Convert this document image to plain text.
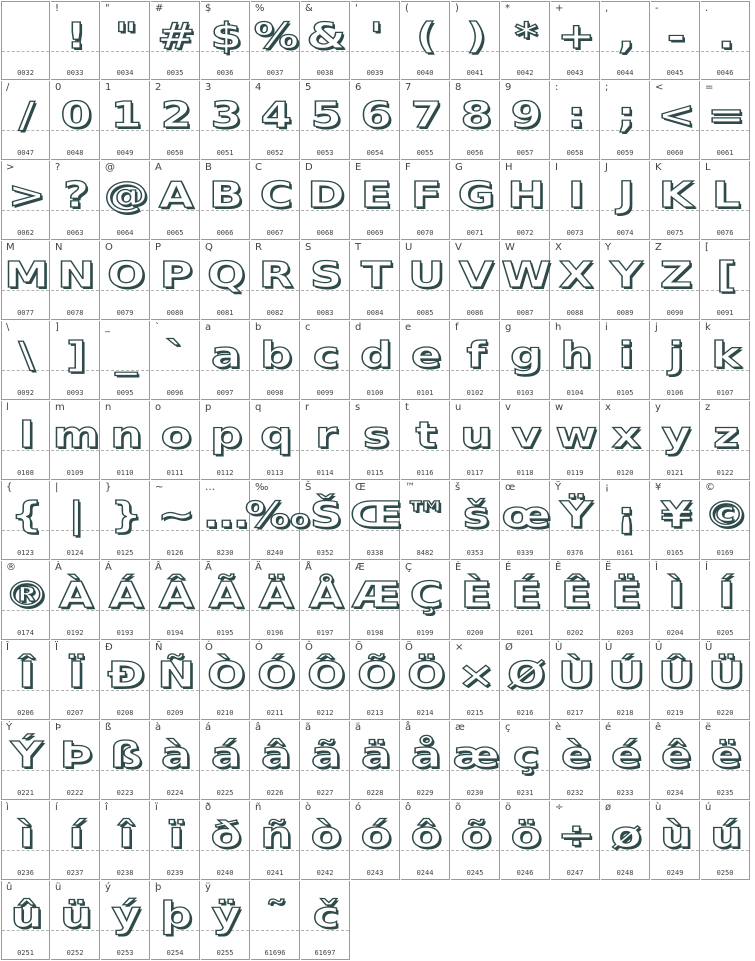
0032
!
!
0033
"
"
0034
#
#
0035
$
$
0036
%
%
0037
&
&
0038
'
'
0039
(
(
0040
)
)
0041
*
*
0042
+
+
0043
,
,
0044
-
-
0045
.
.
0046
/
/
0047
0
0
0048
1
1
0049
2
2
0050
3
3
0051
4
4
0052
5
5
0053
6
6
0054
7
7
0055
8
8
0056
9
9
0057
:
:
0058
;
;
0059
<
<
0060
=
=
0061
>
>
0062
?
?
0063
@
@
0064
A
A
0065
B
B
0066
C
C
0067
D
D
0068
E
E
0069
F
F
0070
G
G
0071
H
H
0072
I
I
0073
J
J
0074
K
K
0075
L
L
0076
M
M
0077
N
N
0078
O
O
0079
P
P
0080
Q
Q
0081
R
R
0082
S
S
0083
T
T
0084
U
U
0085
V
V
0086
W
W
0087
X
X
0088
Y
Y
0089
Z
Z
0090
[
[
0091
\
\
0092
]
]
0093
_
_
0095
`
`
0096
a
a
0097
b
b
0098
c
c
0099
d
d
0100
e
e
0101
f
f
0102
g
g
0103
h
h
0104
i
i
0105
j
j
0106
k
k
0107
l
l
0108
m
m
0109
n
n
0110
o
o
0111
p
p
0112
q
q
0113
r
r
0114
s
s
0115
t
t
0116
u
u
0117
v
v
0118
w
w
0119
x
x
0120
y
y
0121
z
z
0122
{
{
0123
|
|
0124
}
}
0125
~
~
0126
…
…
8230
‰
‰
8240
Š
Š
0352
Œ
Œ
0338
™
™
8482
š
š
0353
œ
œ
0339
Ÿ
Ÿ
0376
¡
¡
0161
¥
¥
0165
©
©
0169
®
®
0174
À
À
0192
Á
Á
0193
Â
Â
0194
Ã
Ã
0195
Ä
Ä
0196
Å
Å
0197
Æ
Æ
0198
Ç
Ç
0199
È
È
0200
É
É
0201
Ê
Ê
0202
Ë
Ë
0203
Ì
Ì
0204
Í
Í
0205
Î
Î
0206
Ï
Ï
0207
Ð
Ð
0208
Ñ
Ñ
0209
Ò
Ò
0210
Ó
Ó
0211
Ô
Ô
0212
Õ
Õ
0213
Ö
Ö
0214
×
×
0215
Ø
Ø
0216
Ù
Ù
0217
Ú
Ú
0218
Û
Û
0219
Ü
Ü
0220
Ý
Ý
0221
Þ
Þ
0222
ß
ß
0223
à
à
0224
á
á
0225
â
â
0226
ã
ã
0227
ä
ä
0228
å
å
0229
æ
æ
0230
ç
ç
0231
è
è
0232
é
é
0233
ê
ê
0234
ë
ë
0235
ì
ì
0236
í
í
0237
î
î
0238
ï
ï
0239
ð
ð
0240
ñ
ñ
0241
ò
ò
0242
ó
ó
0243
ô
ô
0244
õ
õ
0245
ö
ö
0246
÷
÷
0247
ø
ø
0248
ù
ù
0249
ú
ú
0250
û
û
0251
ü
ü
0252
ý
ý
0253
þ
þ
0254
ÿ
ÿ
0255
˜
61696
č
61697
